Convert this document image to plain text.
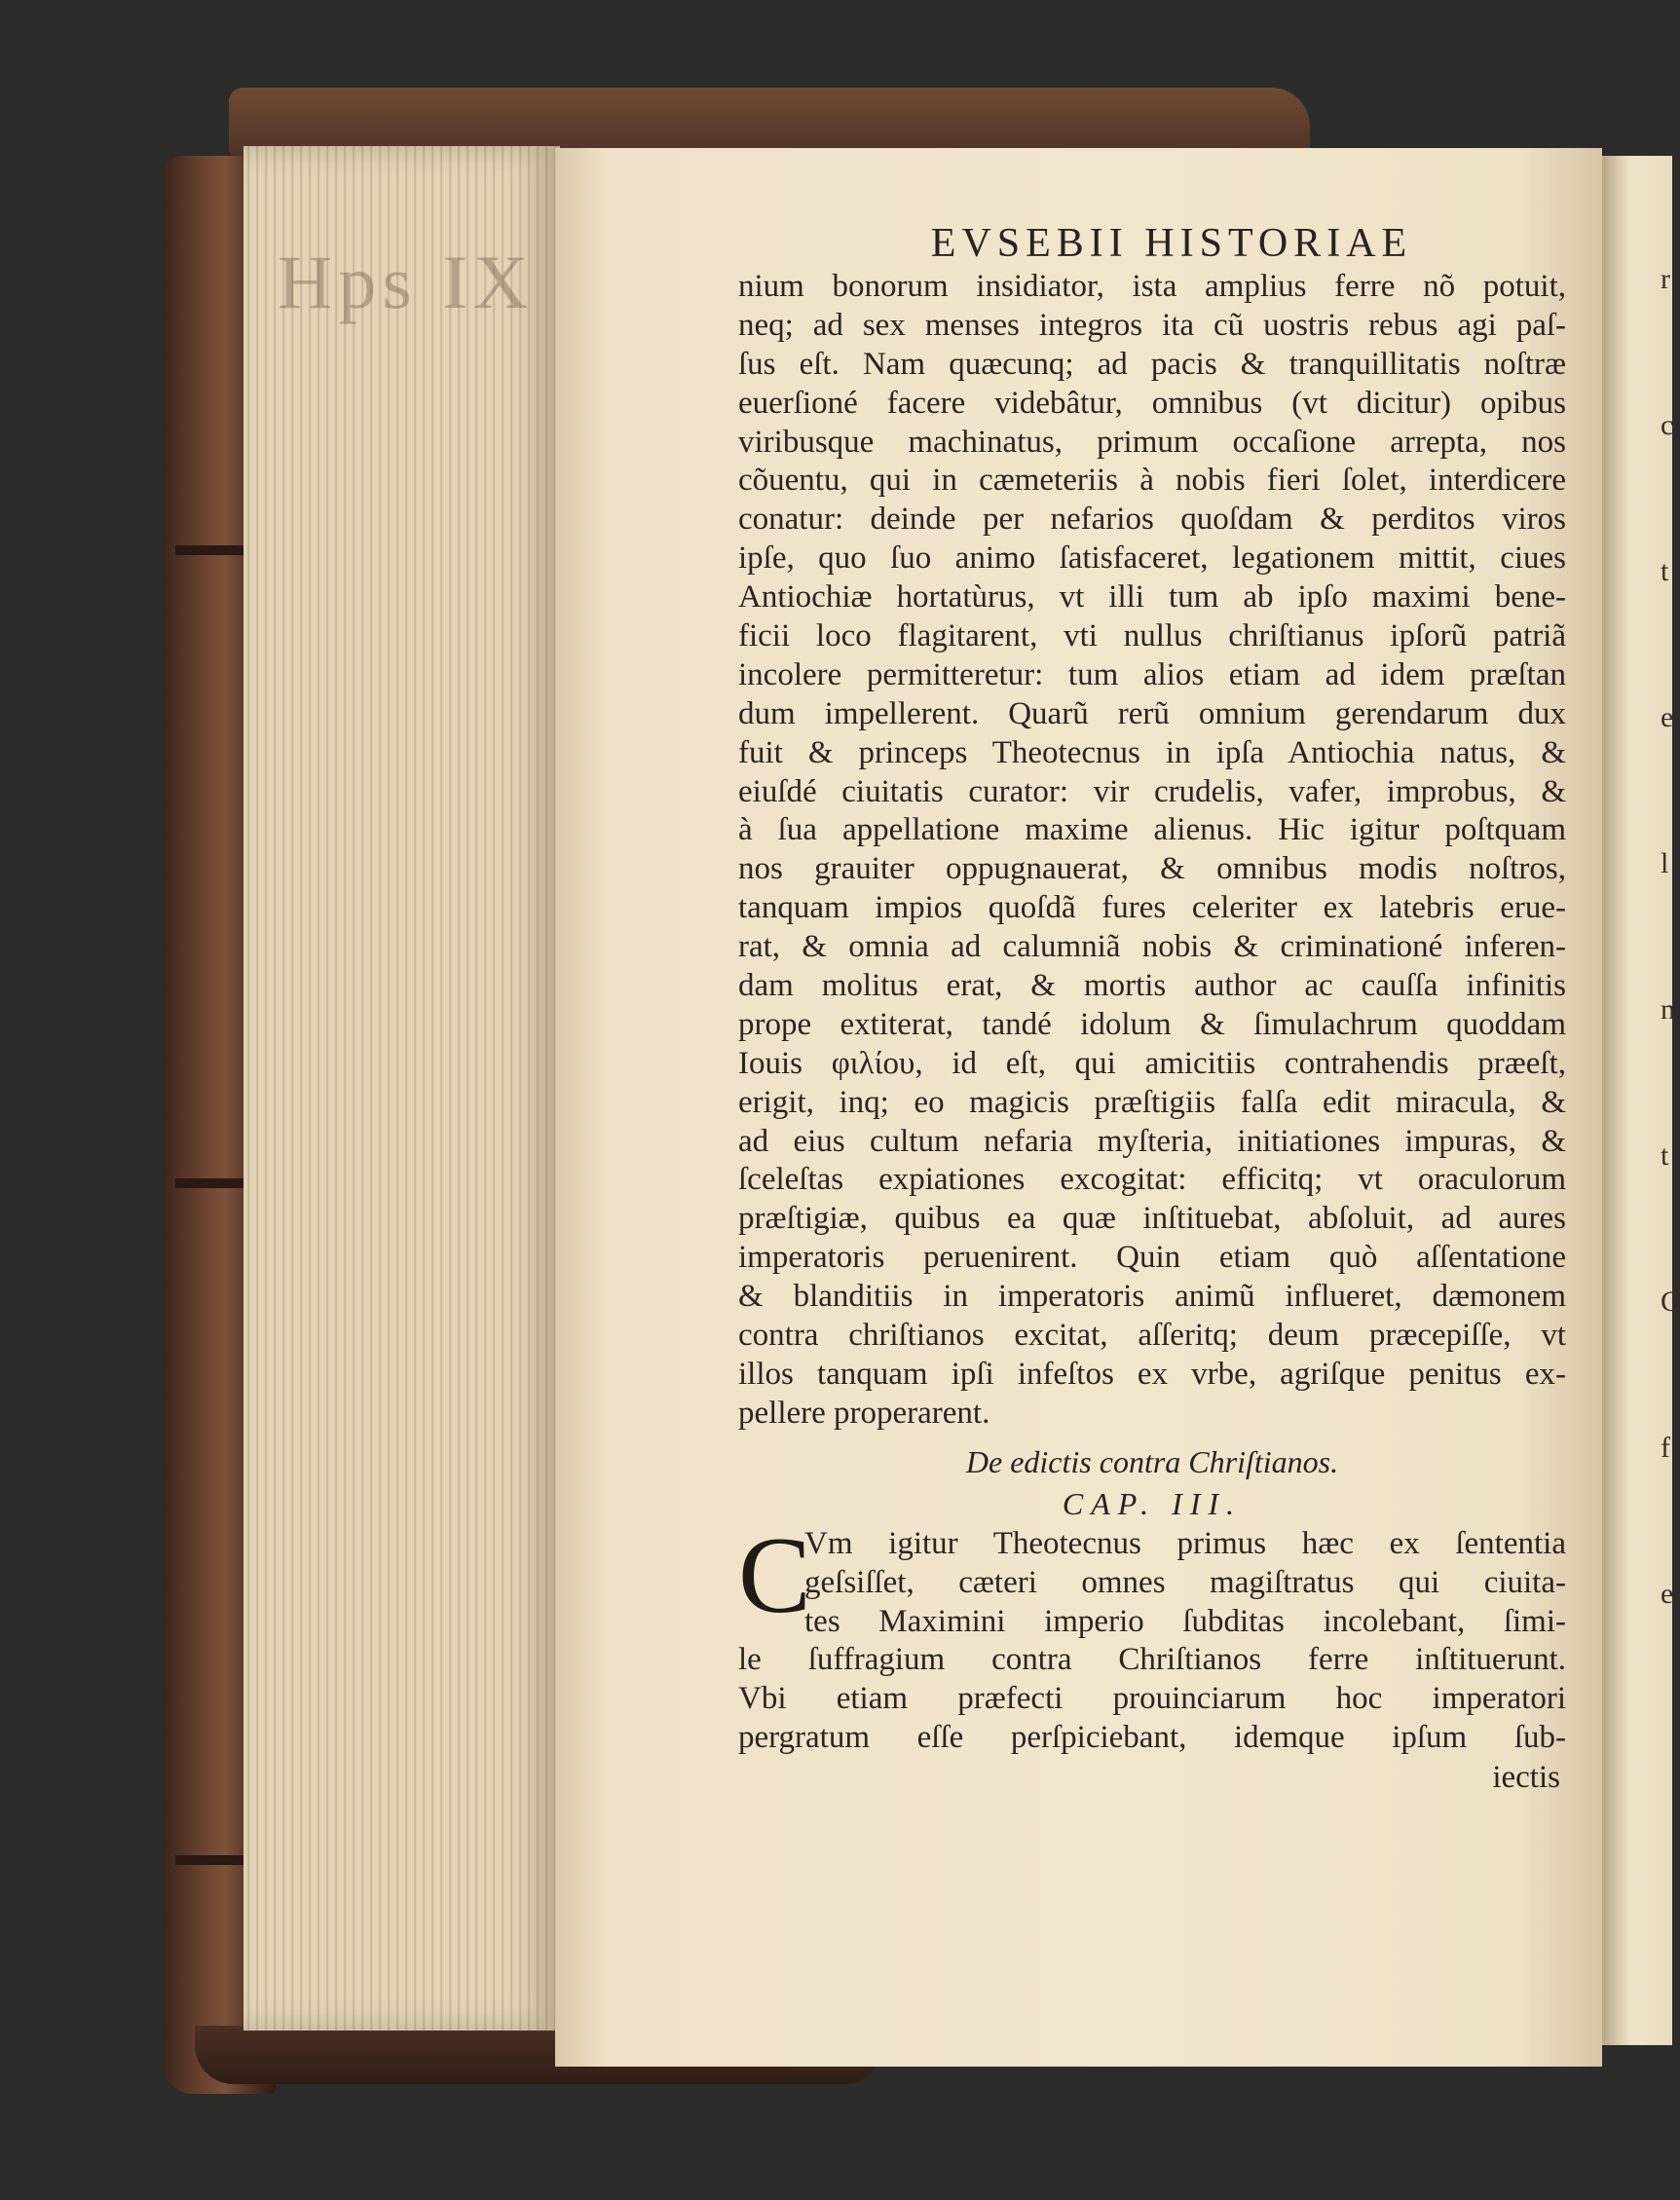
Hps IX	r
c
t
e
l
n
t
C
f
e
EVSEBII HISTORIAE
nium bonorum insidiator, ista amplius ferre nõ potuit,
neq; ad sex menses integros ita cũ uostris rebus agi paſ-
ſus eſt. Nam quæcunq; ad pacis & tranquillitatis noſtræ
euerſioné facere videbâtur, omnibus (vt dicitur) opibus
viribusque machinatus, primum occaſione arrepta, nos
cõuentu, qui in cæmeteriis à nobis fieri ſolet, interdicere
conatur: deinde per nefarios quoſdam & perditos viros
ipſe, quo ſuo animo ſatisfaceret, legationem mittit, ciues
Antiochiæ hortatùrus, vt illi tum ab ipſo maximi bene-
ficii loco flagitarent, vti nullus chriſtianus ipſorũ patriã
incolere permitteretur: tum alios etiam ad idem præſtan
dum impellerent. Quarũ rerũ omnium gerendarum dux
fuit & princeps Theotecnus in ipſa Antiochia natus, &
eiuſdé ciuitatis curator: vir crudelis, vafer, improbus, &
à ſua appellatione maxime alienus. Hic igitur poſtquam
nos grauiter oppugnauerat, & omnibus modis noſtros,
tanquam impios quoſdã fures celeriter ex latebris erue-
rat, & omnia ad calumniã nobis & criminationé inferen-
dam molitus erat, & mortis author ac cauſſa infinitis
prope extiterat, tandé idolum & ſimulachrum quoddam
Iouis φιλίου, id eſt, qui amicitiis contrahendis præeſt,
erigit, inq; eo magicis præſtigiis falſa edit miracula, &
ad eius cultum nefaria myſteria, initiationes impuras, &
ſceleſtas expiationes excogitat: efficitq; vt oraculorum
præſtigiæ, quibus ea quæ inſtituebat, abſoluit, ad aures
imperatoris peruenirent. Quin etiam quò aſſentatione
& blanditiis in imperatoris animũ influeret, dæmonem
contra chriſtianos excitat, aſſeritq; deum præcepiſſe, vt
illos tanquam ipſi infeſtos ex vrbe, agriſque penitus ex-
pellere properarent.
De edictis contra Chriſtianos.
CAP. III.
C
Vm igitur Theotecnus primus hæc ex ſententia
geſsiſſet, cæteri omnes magiſtratus qui ciuita-
tes Maximini imperio ſubditas incolebant, ſimi-
le ſuffragium contra Chriſtianos ferre inſtituerunt.
Vbi etiam præfecti prouinciarum hoc imperatori
pergratum eſſe perſpiciebant, idemque ipſum ſub-
iectis
